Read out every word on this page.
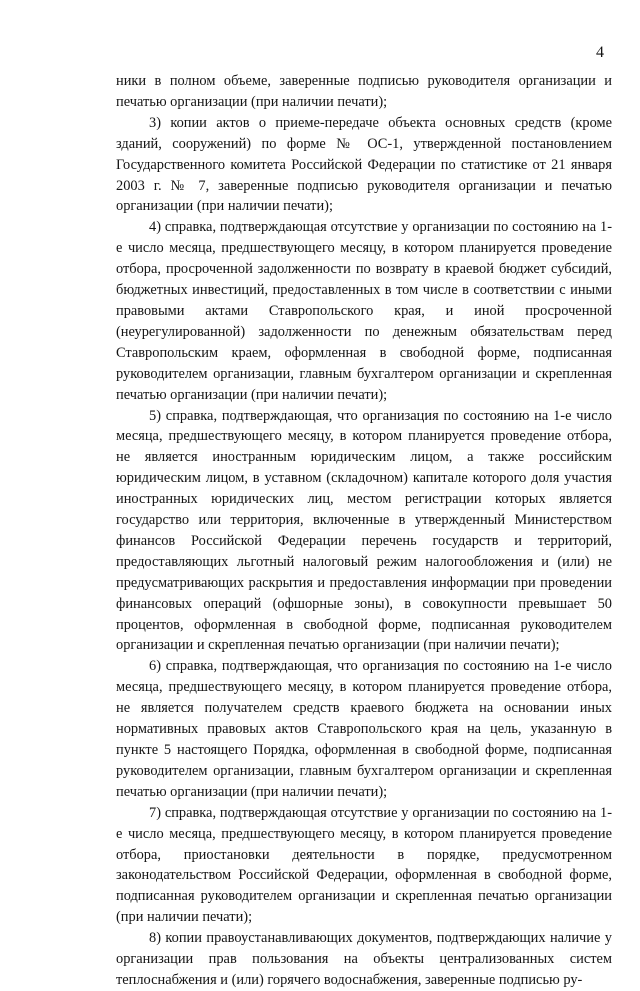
4

ники в полном объеме, заверенные подписью руководителя организации и печатью организации (при наличии печати);

3) копии актов о приеме-передаче объекта основных средств (кроме зданий, сооружений) по форме № ОС-1, утвержденной постановлением Государственного комитета Российской Федерации по статистике от 21 января 2003 г. № 7, заверенные подписью руководителя организации и печатью организации (при наличии печати);

4) справка, подтверждающая отсутствие у организации по состоянию на 1-е число месяца, предшествующего месяцу, в котором планируется проведение отбора, просроченной задолженности по возврату в краевой бюджет субсидий, бюджетных инвестиций, предоставленных в том числе в соответствии с иными правовыми актами Ставропольского края, и иной просроченной (неурегулированной) задолженности по денежным обязательствам перед Ставропольским краем, оформленная в свободной форме, подписанная руководителем организации, главным бухгалтером организации и скрепленная печатью организации (при наличии печати);

5) справка, подтверждающая, что организация по состоянию на 1-е число месяца, предшествующего месяцу, в котором планируется проведение отбора, не является иностранным юридическим лицом, а также российским юридическим лицом, в уставном (складочном) капитале которого доля участия иностранных юридических лиц, местом регистрации которых является государство или территория, включенные в утвержденный Министерством финансов Российской Федерации перечень государств и территорий, предоставляющих льготный налоговый режим налогообложения и (или) не предусматривающих раскрытия и предоставления информации при проведении финансовых операций (офшорные зоны), в совокупности превышает 50 процентов, оформленная в свободной форме, подписанная руководителем организации и скрепленная печатью организации (при наличии печати);

6) справка, подтверждающая, что организация по состоянию на 1-е число месяца, предшествующего месяцу, в котором планируется проведение отбора, не является получателем средств краевого бюджета на основании иных нормативных правовых актов Ставропольского края на цель, указанную в пункте 5 настоящего Порядка, оформленная в свободной форме, подписанная руководителем организации, главным бухгалтером организации и скрепленная печатью организации (при наличии печати);

7) справка, подтверждающая отсутствие у организации по состоянию на 1-е число месяца, предшествующего месяцу, в котором планируется проведение отбора, приостановки деятельности в порядке, предусмотренном законодательством Российской Федерации, оформленная в свободной форме, подписанная руководителем организации и скрепленная печатью организации (при наличии печати);

8) копии правоустанавливающих документов, подтверждающих наличие у организации прав пользования на объекты централизованных систем теплоснабжения и (или) горячего водоснабжения, заверенные подписью ру-
